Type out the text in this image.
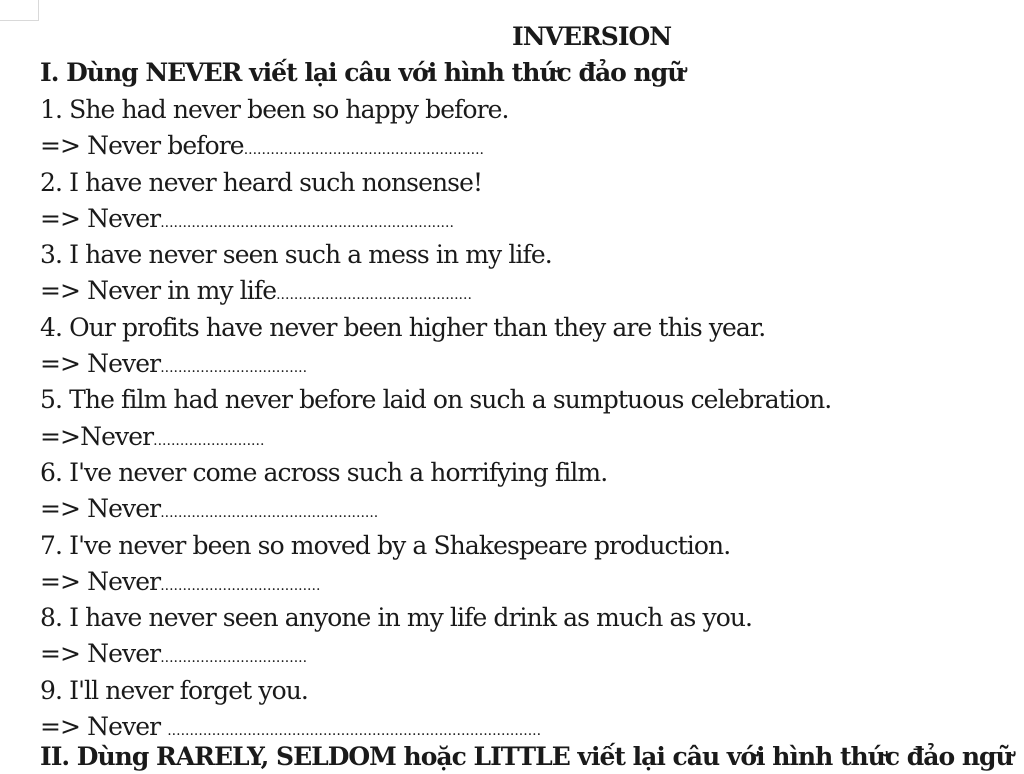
INVERSION
I. Dùng NEVER viết lại câu với hình thức đảo ngữ
1. She had never been so happy before.
=> Never before......................................................
2. I have never heard such nonsense!
=> Never..................................................................
3. I have never seen such a mess in my life.
=> Never in my life............................................
4. Our profits have never been higher than they are this year.
=> Never.................................
5. The film had never before laid on such a sumptuous celebration.
=>Never.........................
6. I've never come across such a horrifying film.
=> Never.................................................
7. I've never been so moved by a Shakespeare production.
=> Never....................................
8. I have never seen anyone in my life drink as much as you.
=> Never.................................
9. I'll never forget you.
=> Never ....................................................................................
II. Dùng RARELY, SELDOM hoặc LITTLE viết lại câu với hình thức đảo ngữ
